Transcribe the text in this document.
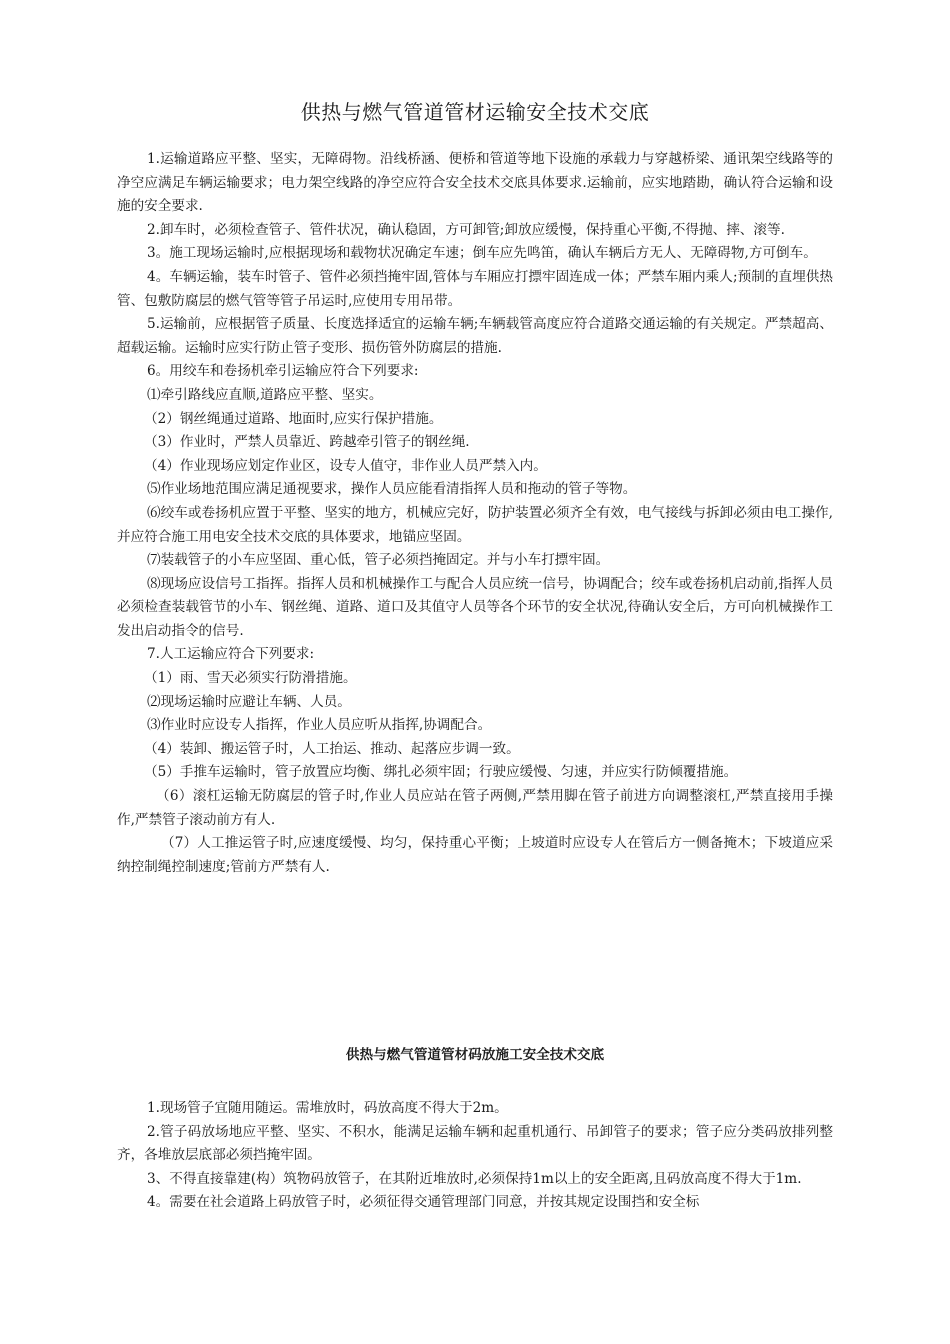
供热与燃气管道管材运输安全技术交底

1.运输道路应平整、坚实，无障碍物。沿线桥涵、便桥和管道等地下设施的承载力与穿越桥梁、通讯架空线路等的净空应满足车辆运输要求；电力架空线路的净空应符合安全技术交底具体要求.运输前，应实地踏勘，确认符合运输和设施的安全要求.

2.卸车时，必须检查管子、管件状况，确认稳固，方可卸管;卸放应缓慢，保持重心平衡,不得抛、摔、滚等.

3。施工现场运输时,应根据现场和载物状况确定车速；倒车应先鸣笛，确认车辆后方无人、无障碍物,方可倒车。

4。车辆运输，装车时管子、管件必须挡掩牢固,管体与车厢应打摽牢固连成一体；严禁车厢内乘人;预制的直埋供热管、包敷防腐层的燃气管等管子吊运时,应使用专用吊带。

5.运输前，应根据管子质量、长度选择适宜的运输车辆;车辆载管高度应符合道路交通运输的有关规定。严禁超高、超载运输。运输时应实行防止管子变形、损伤管外防腐层的措施.

6。用绞车和卷扬机牵引运输应符合下列要求:

⑴牵引路线应直顺,道路应平整、坚实。

（2）钢丝绳通过道路、地面时,应实行保护措施。

（3）作业时，严禁人员靠近、跨越牵引管子的钢丝绳.

（4）作业现场应划定作业区，设专人值守，非作业人员严禁入内。

⑸作业场地范围应满足通视要求，操作人员应能看清指挥人员和拖动的管子等物。

⑹绞车或卷扬机应置于平整、坚实的地方，机械应完好，防护装置必须齐全有效，电气接线与拆卸必须由电工操作,并应符合施工用电安全技术交底的具体要求，地锚应坚固。

⑺装载管子的小车应坚固、重心低，管子必须挡掩固定。并与小车打摽牢固。

⑻现场应设信号工指挥。指挥人员和机械操作工与配合人员应统一信号，协调配合；绞车或卷扬机启动前,指挥人员必须检查装载管节的小车、钢丝绳、道路、道口及其值守人员等各个环节的安全状况,待确认安全后，方可向机械操作工发出启动指令的信号.

7.人工运输应符合下列要求:

（1）雨、雪天必须实行防滑措施。

⑵现场运输时应避让车辆、人员。

⑶作业时应设专人指挥，作业人员应听从指挥,协调配合。

（4）装卸、搬运管子时，人工抬运、推动、起落应步调一致。

（5）手推车运输时，管子放置应均衡、绑扎必须牢固；行驶应缓慢、匀速，并应实行防倾覆措施。

（6）滚杠运输无防腐层的管子时,作业人员应站在管子两侧,严禁用脚在管子前进方向调整滚杠,严禁直接用手操作,严禁管子滚动前方有人.

（7）人工推运管子时,应速度缓慢、均匀，保持重心平衡；上坡道时应设专人在管后方一侧备掩木；下坡道应采纳控制绳控制速度;管前方严禁有人.

供热与燃气管道管材码放施工安全技术交底

1.现场管子宜随用随运。需堆放时，码放高度不得大于2m。

2.管子码放场地应平整、坚实、不积水，能满足运输车辆和起重机通行、吊卸管子的要求；管子应分类码放排列整齐，各堆放层底部必须挡掩牢固。

3、不得直接靠建(构）筑物码放管子，在其附近堆放时,必须保持1m以上的安全距离,且码放高度不得大于1m.

4。需要在社会道路上码放管子时，必须征得交通管理部门同意，并按其规定设围挡和安全标
